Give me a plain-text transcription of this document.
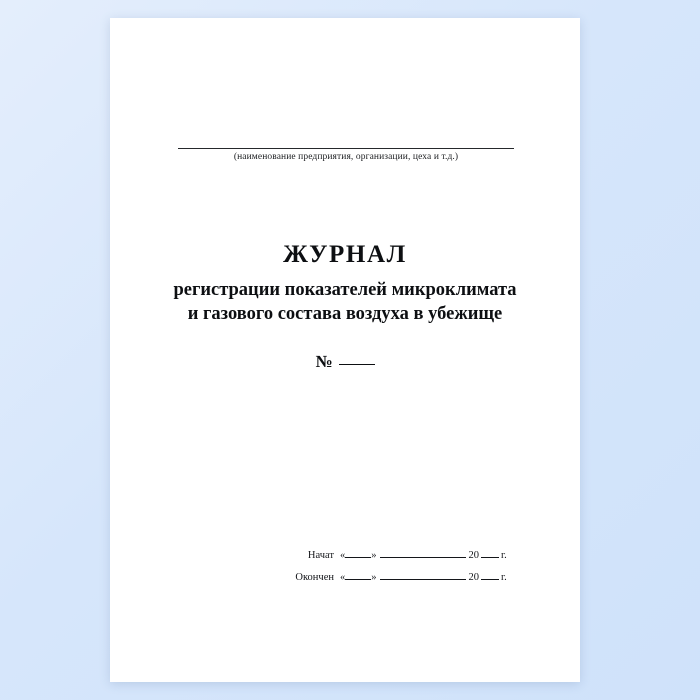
(наименование предприятия, организации, цеха и т.д.)
ЖУРНАЛ
регистрации показателей микроклимата
и газового состава воздуха в убежище
№
Начат « »	20 г.
Окончен « »	20 г.
